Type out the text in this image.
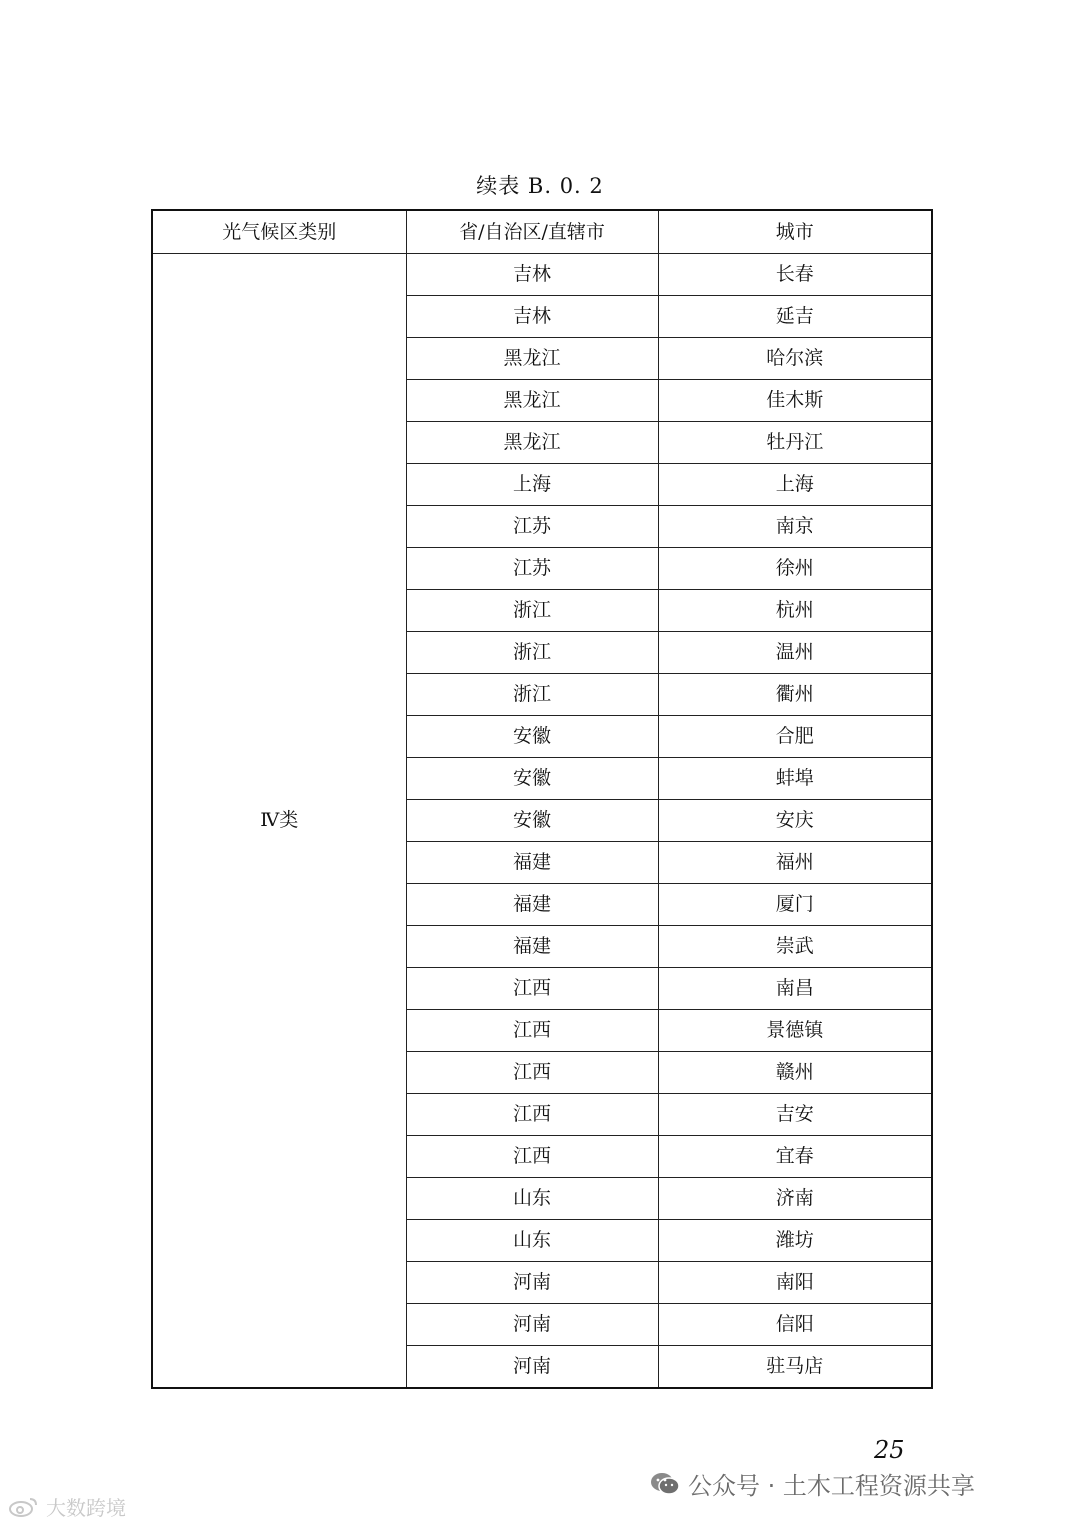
续表 B. 0. 2
光气候区类别	省/自治区/直辖市	城市
Ⅳ类	吉林	长春
	吉林	延吉
	黑龙江	哈尔滨
	黑龙江	佳木斯
	黑龙江	牡丹江
	上海	上海
	江苏	南京
	江苏	徐州
	浙江	杭州
	浙江	温州
	浙江	衢州
	安徽	合肥
	安徽	蚌埠
	安徽	安庆
	福建	福州
	福建	厦门
	福建	崇武
	江西	南昌
	江西	景德镇
	江西	赣州
	江西	吉安
	江西	宜春
	山东	济南
	山东	潍坊
	河南	南阳
	河南	信阳
	河南	驻马店
25
公众号 · 土木工程资源共享
大数跨境
